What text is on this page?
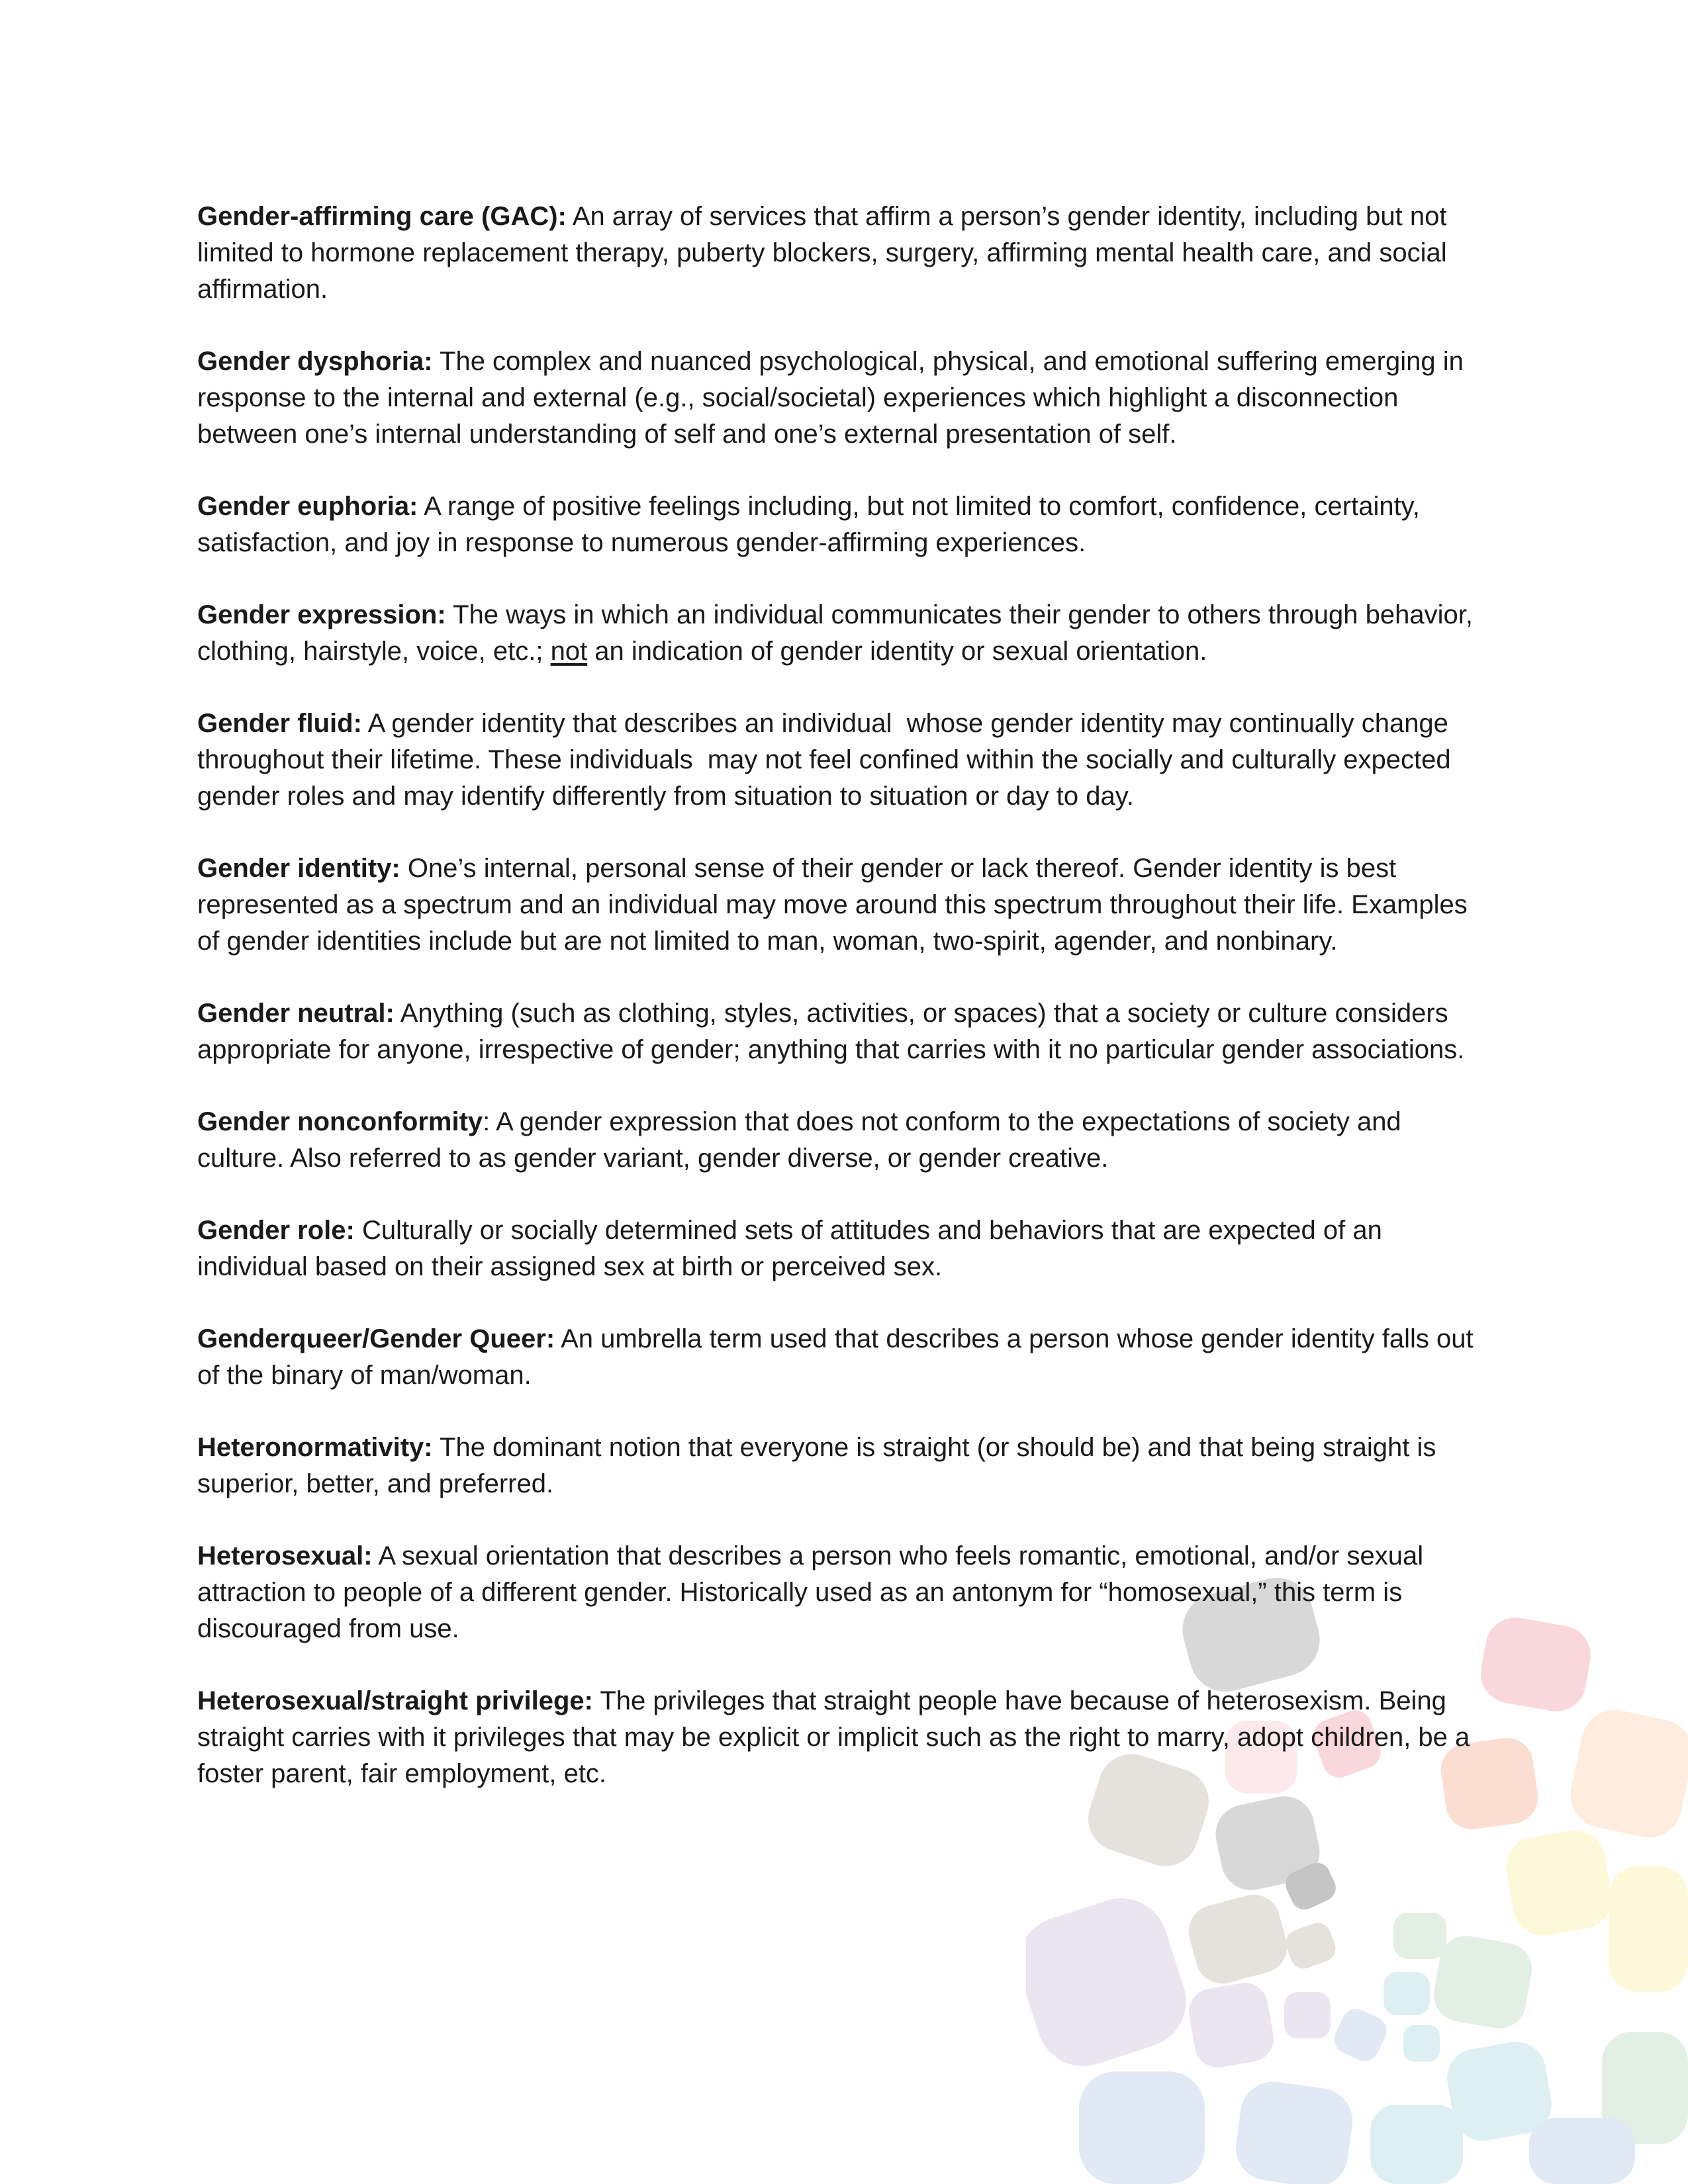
Gender-affirming care (GAC): An array of services that affirm a person’s gender identity, including but not limited to hormone replacement therapy, puberty blockers, surgery, affirming mental health care, and social affirmation.

Gender dysphoria: The complex and nuanced psychological, physical, and emotional suffering emerging in response to the internal and external (e.g., social/societal) experiences which highlight a disconnection between one’s internal understanding of self and one’s external presentation of self.

Gender euphoria: A range of positive feelings including, but not limited to comfort, confidence, certainty, satisfaction, and joy in response to numerous gender-affirming experiences.

Gender expression: The ways in which an individual communicates their gender to others through behavior, clothing, hairstyle, voice, etc.; not an indication of gender identity or sexual orientation.

Gender fluid: A gender identity that describes an individual  whose gender identity may continually change throughout their lifetime. These individuals  may not feel confined within the socially and culturally expected gender roles and may identify differently from situation to situation or day to day.

Gender identity: One’s internal, personal sense of their gender or lack thereof. Gender identity is best represented as a spectrum and an individual may move around this spectrum throughout their life. Examples of gender identities include but are not limited to man, woman, two-spirit, agender, and nonbinary.

Gender neutral: Anything (such as clothing, styles, activities, or spaces) that a society or culture considers appropriate for anyone, irrespective of gender; anything that carries with it no particular gender associations.

Gender nonconformity: A gender expression that does not conform to the expectations of society and culture. Also referred to as gender variant, gender diverse, or gender creative.

Gender role: Culturally or socially determined sets of attitudes and behaviors that are expected of an individual based on their assigned sex at birth or perceived sex.

Genderqueer/Gender Queer: An umbrella term used that describes a person whose gender identity falls out of the binary of man/woman.

Heteronormativity: The dominant notion that everyone is straight (or should be) and that being straight is superior, better, and preferred.

Heterosexual: A sexual orientation that describes a person who feels romantic, emotional, and/or sexual attraction to people of a different gender. Historically used as an antonym for “homosexual,” this term is discouraged from use.

Heterosexual/straight privilege: The privileges that straight people have because of heterosexism. Being straight carries with it privileges that may be explicit or implicit such as the right to marry, adopt children, be a foster parent, fair employment, etc.
